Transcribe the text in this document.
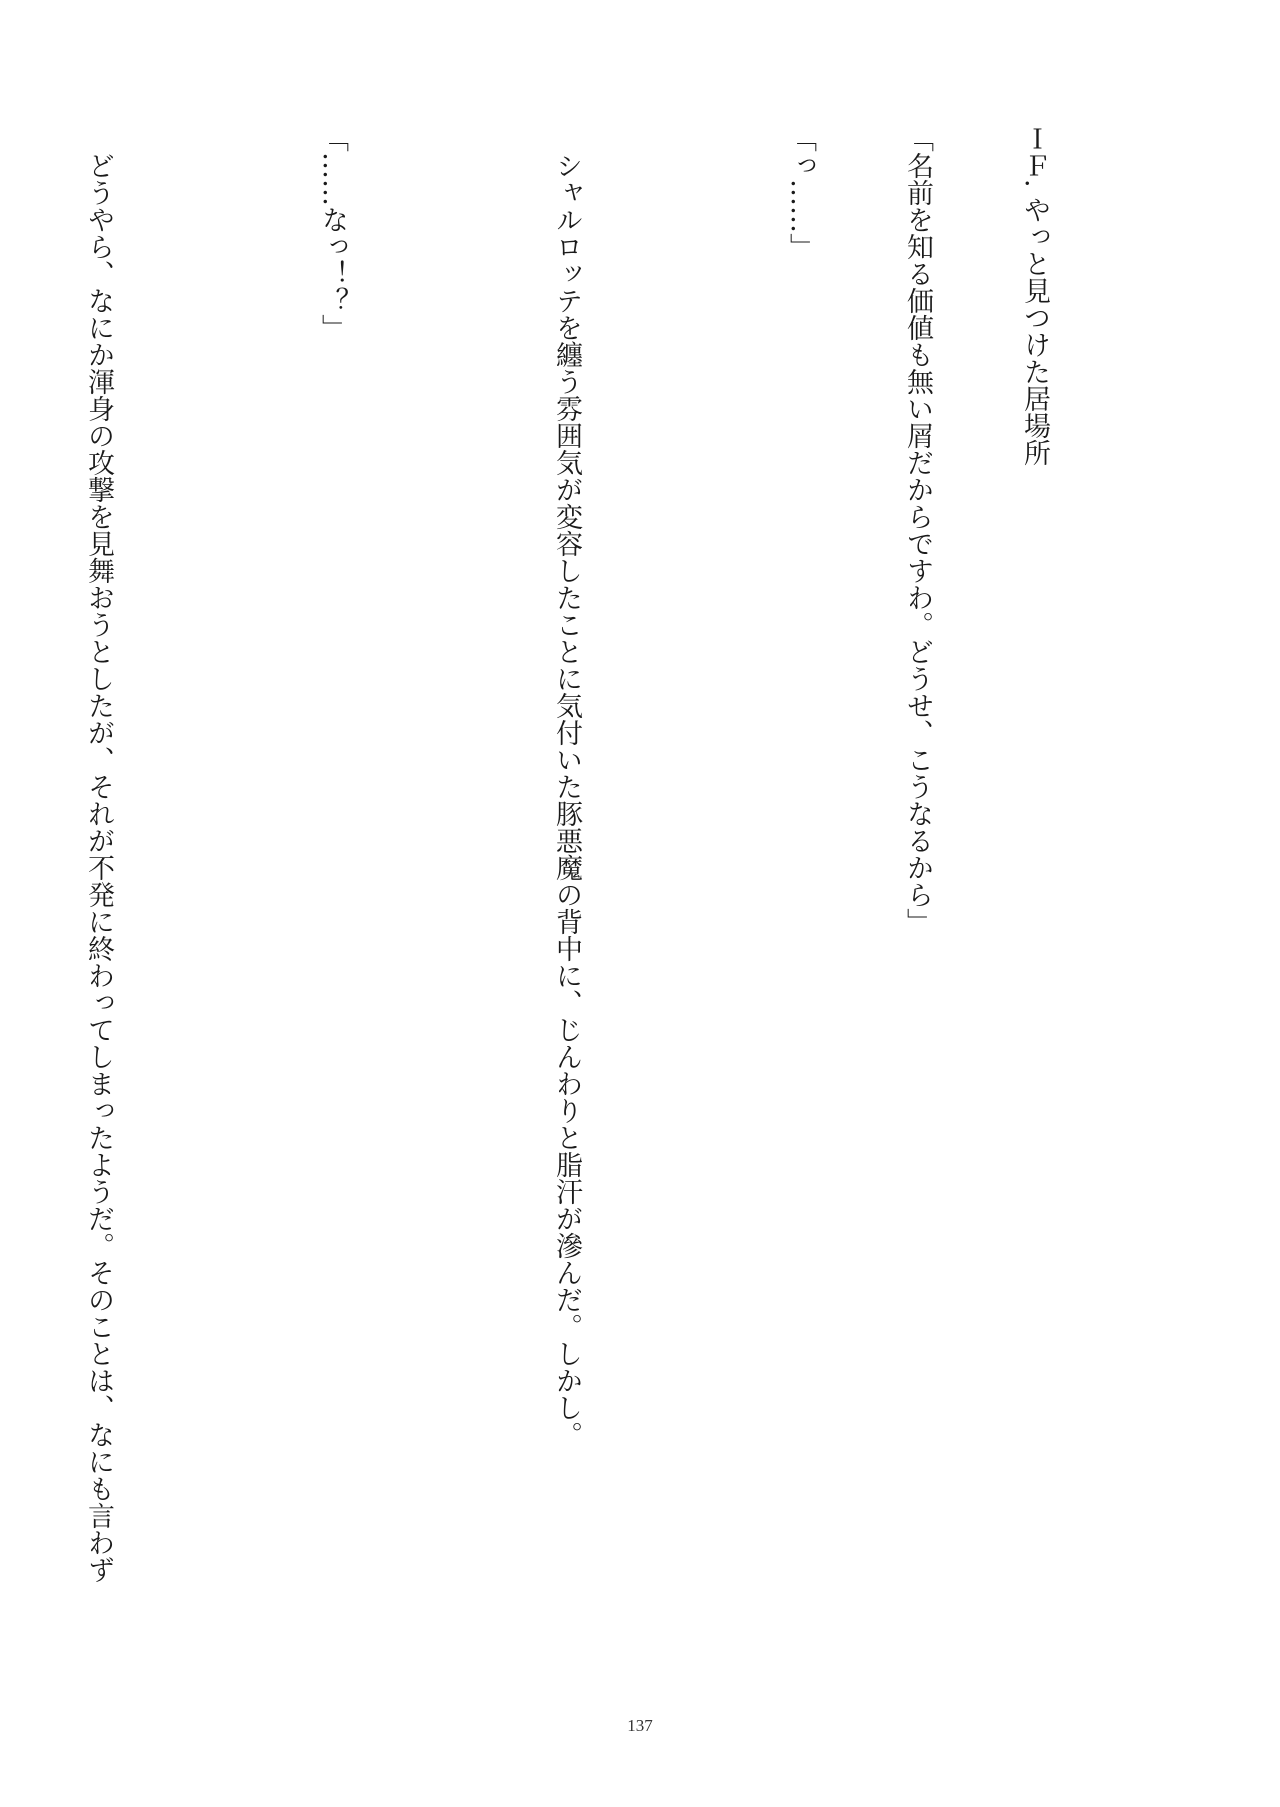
ＩＦ. やっと見つけた居場所

「名前を知る価値も無い屑だからですわ。どうせ、こうなるから」

「っ……」

　シャルロッテを纏う雰囲気が変容したことに気付いた豚悪魔の背中に、じんわりと脂汗が滲んだ。しかし。

「……なっ！？」

　どうやら、なにか渾身の攻撃を見舞おうとしたが、それが不発に終わってしまったようだ。そのことは、なにも言わず

137
